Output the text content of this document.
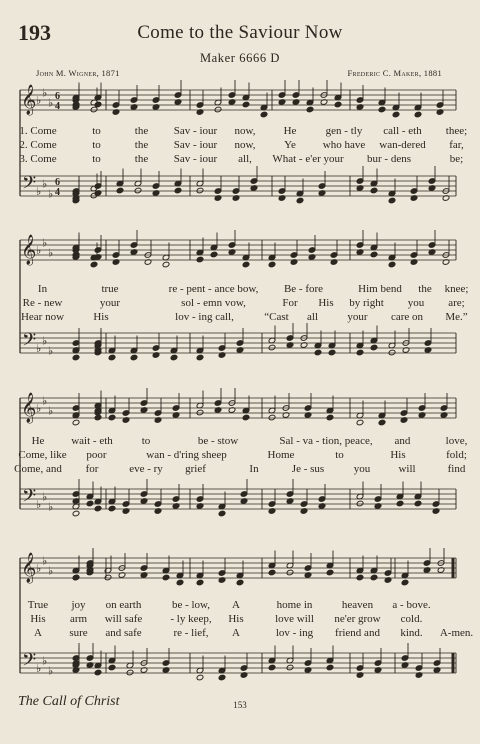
193	Come to the Saviour Now
Maker 6666 D
John M. Wigner, 1871	Frederic C. Maker, 1881
𝄞 ♭
♭
♭ 6
4
𝄢 ♭
♭
♭
6
4
𝄞 ♭
♭
♭
𝄢 ♭
♭
♭
𝄞 ♭
♭
♭
𝄢 ♭
♭
♭
𝄞 ♭
♭
♭
𝄢 ♭
♭
♭
1. Come	to	the Sav - iour now,	He	gen - tly call - eth thee;
2. Come	to	the Sav - iour now,	Ye who have wan-dered far,
3. Come	to	the Sav - iour all, What - e'er your bur - dens	be;
In	true	re - pent - ance bow, Be - fore	Him bend the knee;
Re - new	your	sol - emn vow,	For His by right you are;
Hear now	His	lov - ing call,	“Cast all	your care on Me.”
He wait - eth	to	be - stow	Sal - va - tion, peace, and	love,
Come, like poor	wan - d'ring sheep	Home	to	His	fold;
Come, and for	eve - ry grief	In	Je - sus	you	will	find
True joy on earth	be - low, A	home in	heaven a - bove.
His arm will safe	- ly keep, His	love will ne'er grow cold.
A sure and safe	re - lief, A	lov - ing friend and kind. A-men.
The Call of Christ	153
